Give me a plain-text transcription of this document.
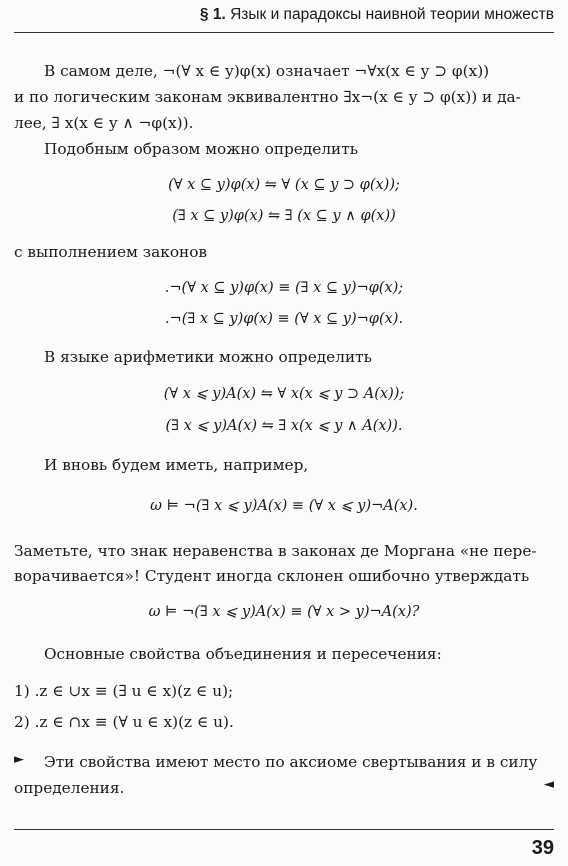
§ 1. Язык и парадоксы наивной теории множеств
В самом деле, ¬(∀ x ∈ y)φ(x) означает ¬∀x(x ∈ y ⊃ φ(x))
и по логическим законам эквивалентно ∃x¬(x ∈ y ⊃ φ(x)) и да-
лее, ∃ x(x ∈ y ∧ ¬φ(x)).
Подобным образом можно определить
(∀ x ⊆ y)φ(x) ⇋ ∀ (x ⊆ y ⊃ φ(x));
(∃ x ⊆ y)φ(x) ⇋ ∃ (x ⊆ y ∧ φ(x))
с выполнением законов
.¬(∀ x ⊆ y)φ(x) ≡ (∃ x ⊆ y)¬φ(x);
.¬(∃ x ⊆ y)φ(x) ≡ (∀ x ⊆ y)¬φ(x).
В языке арифметики можно определить
(∀ x ⩽ y)A(x) ⇋ ∀ x(x ⩽ y ⊃ A(x));
(∃ x ⩽ y)A(x) ⇋ ∃ x(x ⩽ y ∧ A(x)).
И вновь будем иметь, например,
ω ⊨ ¬(∃ x ⩽ y)A(x) ≡ (∀ x ⩽ y)¬A(x).
Заметьте, что знак неравенства в законах де Моргана «не пере-
ворачивается»! Студент иногда склонен ошибочно утверждать
ω ⊨ ¬(∃ x ⩽ y)A(x) ≡ (∀ x > y)¬A(x)?
Основные свойства объединения и пересечения:
1) .z ∈ ∪x ≡ (∃ u ∈ x)(z ∈ u);
2) .z ∈ ∩x ≡ (∀ u ∈ x)(z ∈ u).
► Эти свойства имеют место по аксиоме свертывания и в силу
определения.	◄
39
